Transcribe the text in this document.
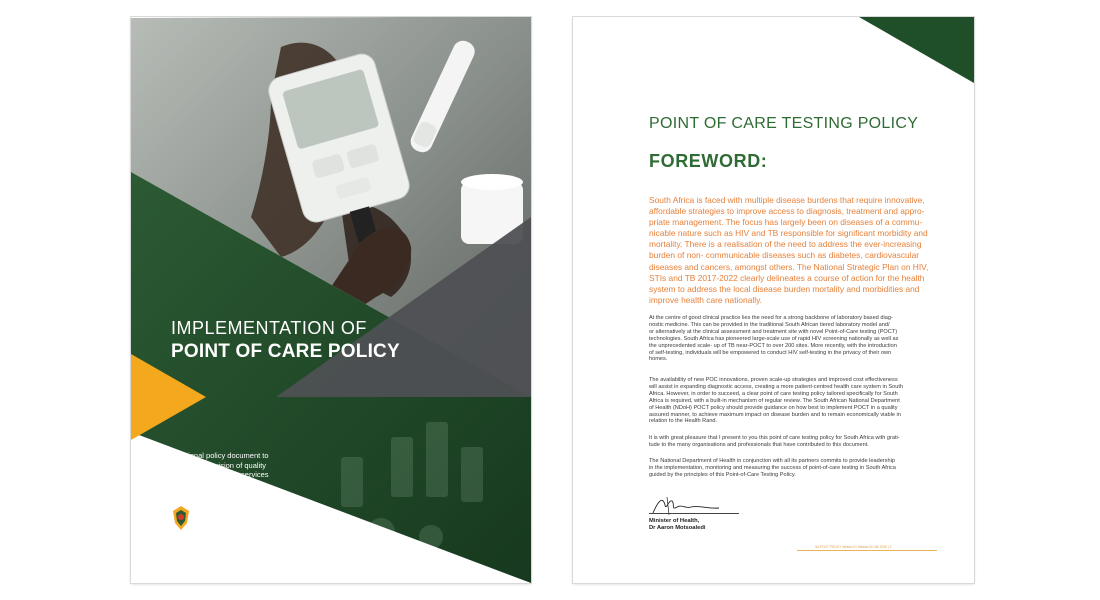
IMPLEMENTATION OF
POINT OF CARE POLICY
A national policy document to
guide the provision of quality
Point of Care testing services
in South Africa
health
Department:
Health
REPUBLIC OF SOUTH AFRICA
POINT OF CARE TESTING POLICY
FOREWORD:
South Africa is faced with multiple disease burdens that require innovative,
affordable strategies to improve access to diagnosis, treatment and appro-
priate management. The focus has largely been on diseases of a commu-
nicable nature such as HIV and TB responsible for significant morbidity and
mortality. There is a realisation of the need to address the ever-increasing
burden of non- communicable diseases such as diabetes, cardiovascular
diseases and cancers, amongst others. The National Strategic Plan on HIV,
STIs and TB 2017-2022 clearly delineates a course of action for the health
system to address the local disease burden mortality and morbidities and
improve health care nationally.
At the centre of good clinical practice lies the need for a strong backbone of laboratory based diag-
nostic medicine. This can be provided in the traditional South African tiered laboratory model and/
or alternatively at the clinical assessment and treatment site with novel Point-of-Care testing (POCT)
technologies. South Africa has pioneered large-scale use of rapid HIV screening nationally as well as
the unprecedented scale- up of TB near-POCT to over 200 sites. More recently, with the introduction
of self-testing, individuals will be empowered to conduct HIV self-testing in the privacy of their own
homes.
The availability of new POC innovations, proven scale-up strategies and improved cost effectiveness
will assist in expanding diagnostic access, creating a more patient-centred health care system in South
Africa. However, in order to succeed, a clear point of care testing policy tailored specifically for South
Africa is required, with a built-in mechanism of regular review. The South African National Department
of Health (NDoH) POCT policy should provide guidance on how best to implement POCT in a quality
assured manner, to achieve maximum impact on disease burden and to remain economically viable in
relation to the Health Rand.
It is with great pleasure that I present to you this point of care testing policy for South Africa with grati-
tude to the many organisations and professionals that have contributed to this document.
The National Department of Health in conjunction with all its partners commits to provide leadership
in the implementation, monitoring and measuring the success of point-of-care testing in South Africa
guided by the principles of this Point-of-Care Testing Policy.
Minister of Health,
Dr Aaron Motsoaledi
SA POCT POLICY version 01 Version 01/ 06/ 2020 | 3
